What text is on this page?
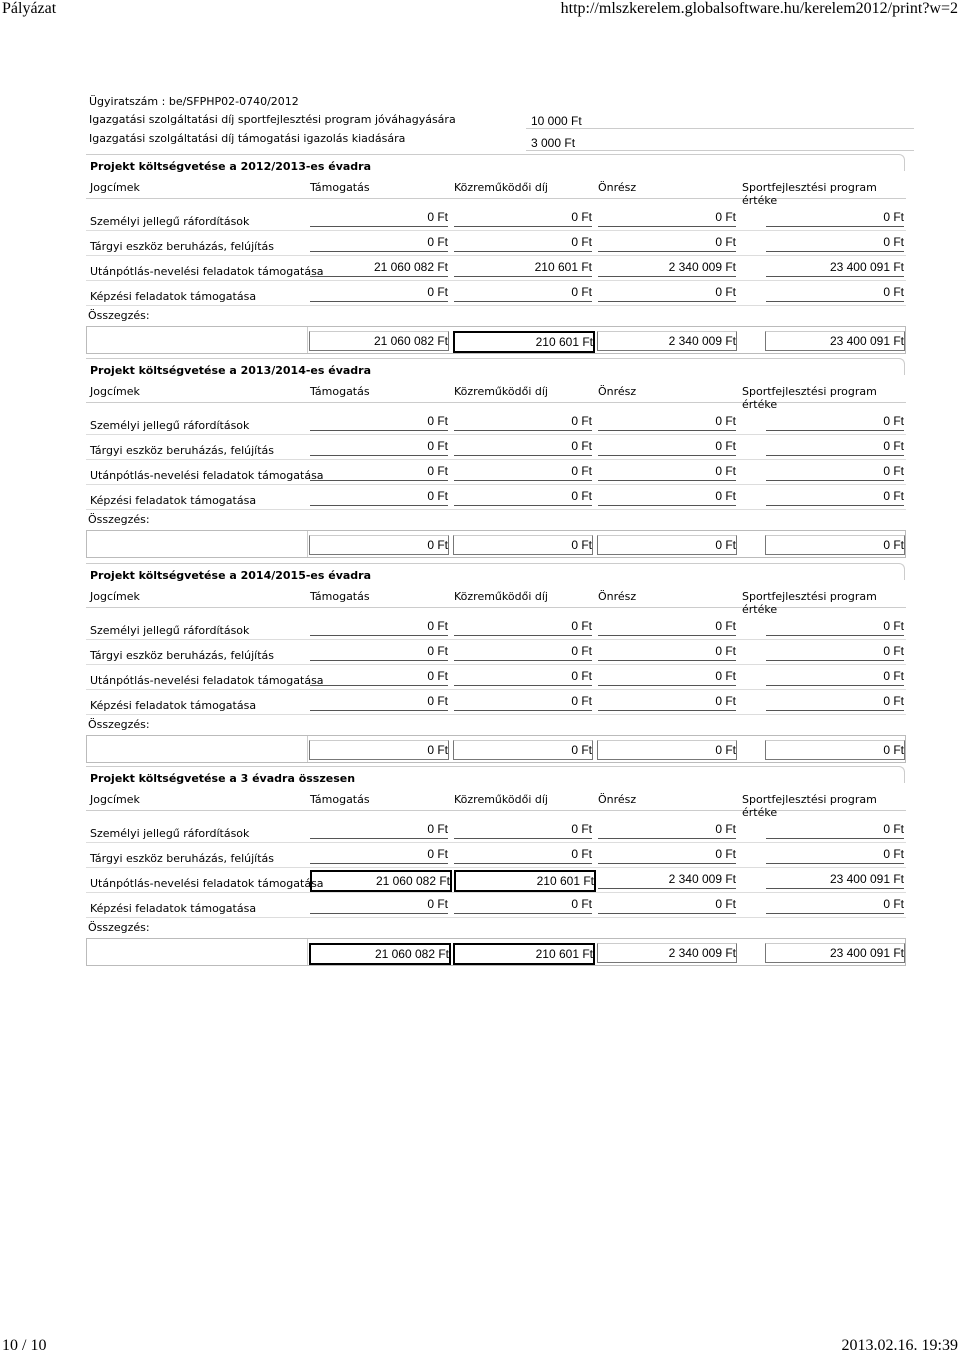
Pályázat	http://mlszkerelem.globalsoftware.hu/kerelem2012/print?w=2
Ügyiratszám : be/SFPHP02-0740/2012
Igazgatási szolgáltatási díj sportfejlesztési program jóváhagyására
Igazgatási szolgáltatási díj támogatási igazolás kiadására
10 000 Ft
3 000 Ft
Projekt költségvetése a 2012/2013-es évadra
Jogcímek	Támogatás	Közreműködői díj	Önrész	Sportfejlesztési program értéke
Személyi jellegű ráfordítások	0 Ft	0 Ft	0 Ft	0 Ft
Tárgyi eszköz beruházás, felújítás	0 Ft	0 Ft	0 Ft	0 Ft
Utánpótlás-nevelési feladatok támogatása	21 060 082 Ft	210 601 Ft	2 340 009 Ft	23 400 091 Ft
Képzési feladatok támogatása	0 Ft	0 Ft	0 Ft	0 Ft
Összegzés:
21 060 082 Ft	210 601 Ft	2 340 009 Ft	23 400 091 Ft
Projekt költségvetése a 2013/2014-es évadra
Jogcímek	Támogatás	Közreműködői díj	Önrész	Sportfejlesztési program értéke
Személyi jellegű ráfordítások	0 Ft	0 Ft	0 Ft	0 Ft
Tárgyi eszköz beruházás, felújítás	0 Ft	0 Ft	0 Ft	0 Ft
Utánpótlás-nevelési feladatok támogatása	0 Ft	0 Ft	0 Ft	0 Ft
Képzési feladatok támogatása	0 Ft	0 Ft	0 Ft	0 Ft
Összegzés:
0 Ft	0 Ft	0 Ft	0 Ft
Projekt költségvetése a 2014/2015-es évadra
Jogcímek	Támogatás	Közreműködői díj	Önrész	Sportfejlesztési program értéke
Személyi jellegű ráfordítások	0 Ft	0 Ft	0 Ft	0 Ft
Tárgyi eszköz beruházás, felújítás	0 Ft	0 Ft	0 Ft	0 Ft
Utánpótlás-nevelési feladatok támogatása	0 Ft	0 Ft	0 Ft	0 Ft
Képzési feladatok támogatása	0 Ft	0 Ft	0 Ft	0 Ft
Összegzés:
0 Ft	0 Ft	0 Ft	0 Ft
Projekt költségvetése a 3 évadra összesen
Jogcímek	Támogatás	Közreműködői díj	Önrész	Sportfejlesztési program értéke
Személyi jellegű ráfordítások	0 Ft	0 Ft	0 Ft	0 Ft
Tárgyi eszköz beruházás, felújítás	0 Ft	0 Ft	0 Ft	0 Ft
Utánpótlás-nevelési feladatok támogatása	21 060 082 Ft	210 601 Ft	2 340 009 Ft	23 400 091 Ft
Képzési feladatok támogatása	0 Ft	0 Ft	0 Ft	0 Ft
Összegzés:
21 060 082 Ft	210 601 Ft	2 340 009 Ft	23 400 091 Ft
10 / 10	2013.02.16. 19:39
